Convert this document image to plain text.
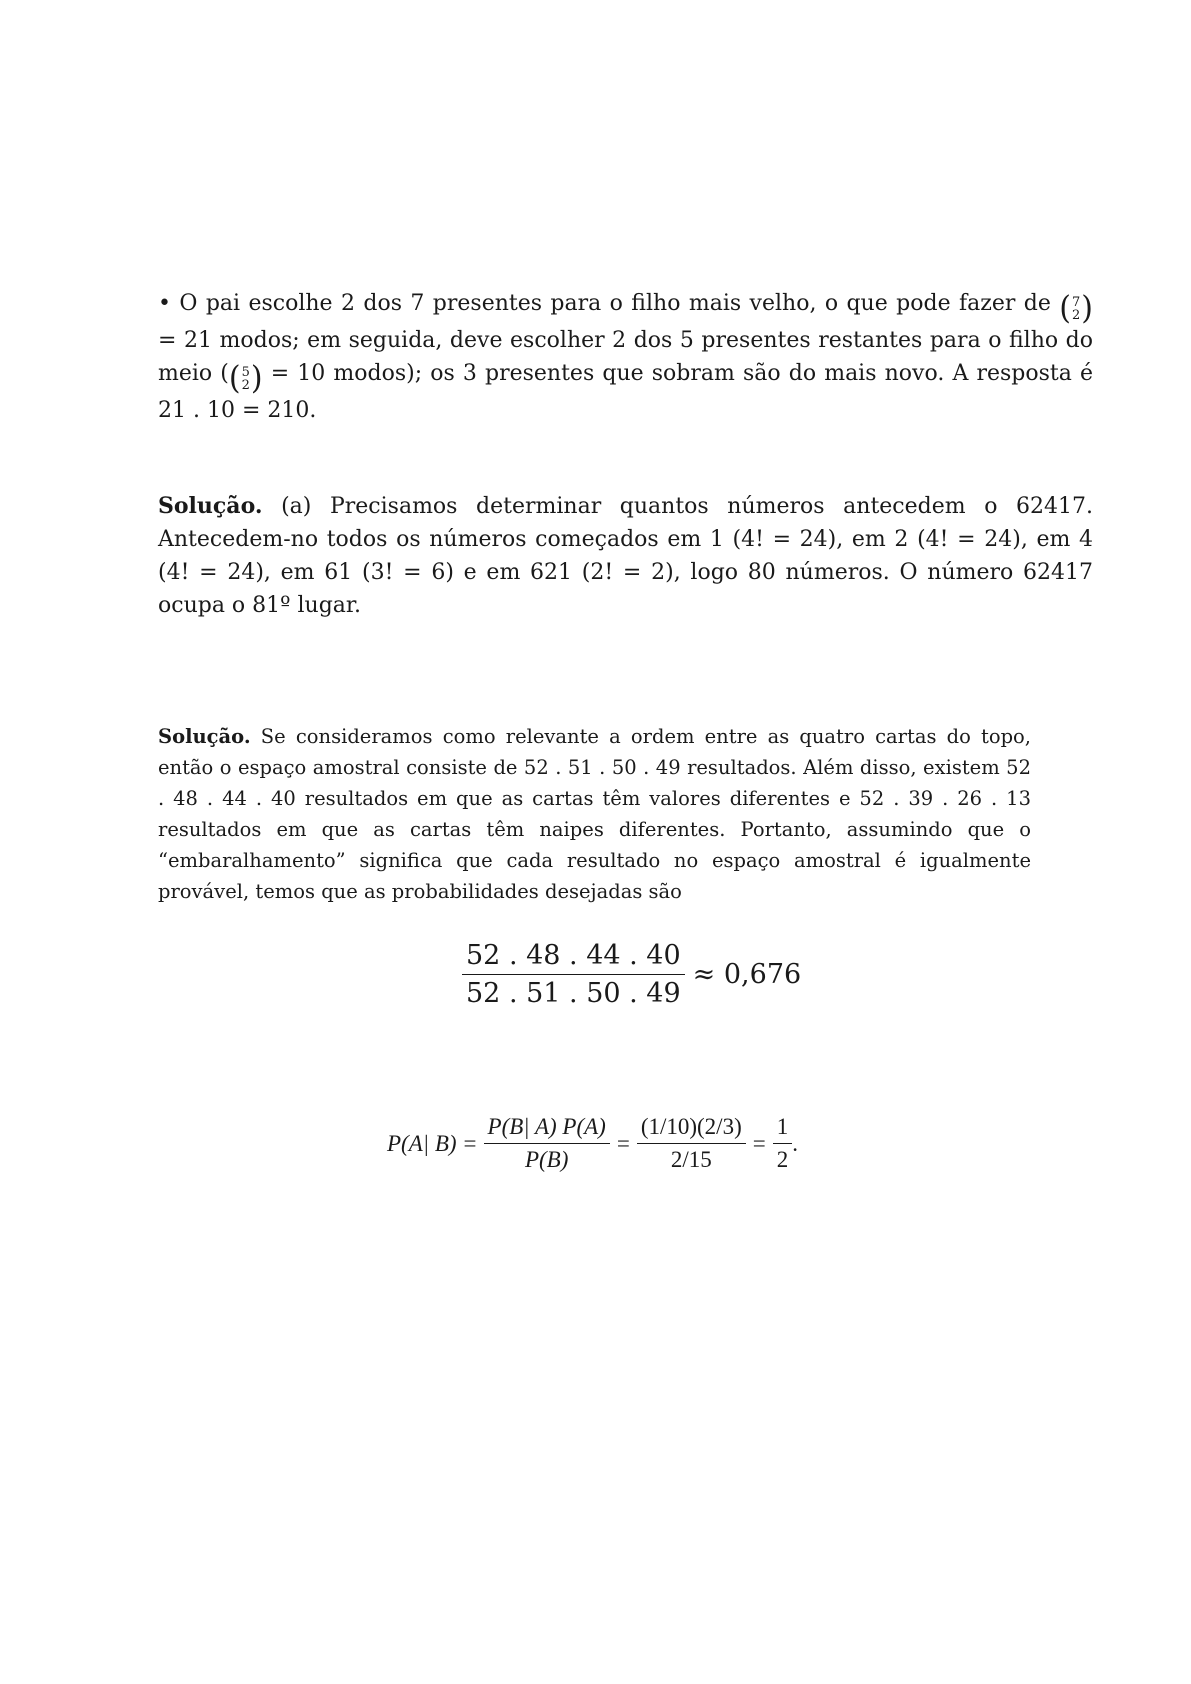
• O pai escolhe 2 dos 7 presentes para o filho mais velho, o que pode fazer de ( 7
2 )
= 21 modos; em seguida, deve escolher 2 dos 5 presentes restantes para o filho do meio ( ( 5
2 ) = 10 modos); os 3 presentes que sobram são do mais novo. A resposta é 21 . 10 = 210.
Solução. (a) Precisamos determinar quantos números antecedem o 62417. Antecedem-no todos os números começados em 1 (4! = 24), em 2 (4! = 24), em 4 (4! = 24), em 61 (3! = 6) e em 621 (2! = 2), logo 80 números. O número 62417 ocupa o 81º lugar.
Solução. Se consideramos como relevante a ordem entre as quatro cartas do topo, então o espaço amostral consiste de 52 . 51 . 50 . 49 resultados. Além disso, existem 52 . 48 . 44 . 40 resultados em que as cartas têm valores diferentes e 52 . 39 . 26 . 13 resultados em que as cartas têm naipes diferentes. Portanto, assumindo que o “embaralhamento” significa que cada resultado no espaço amostral é igualmente provável, temos que as probabilidades desejadas são
$\frac{52 . 48 . 44 . 40}{52 . 51 . 50 . 49} \approx 0,676$
P(A| $B) = \frac{P(B| A) P(A)}{P(B)} = \frac{(1/10)(2/3)}{2/15} = \frac{1}{2}$ .
